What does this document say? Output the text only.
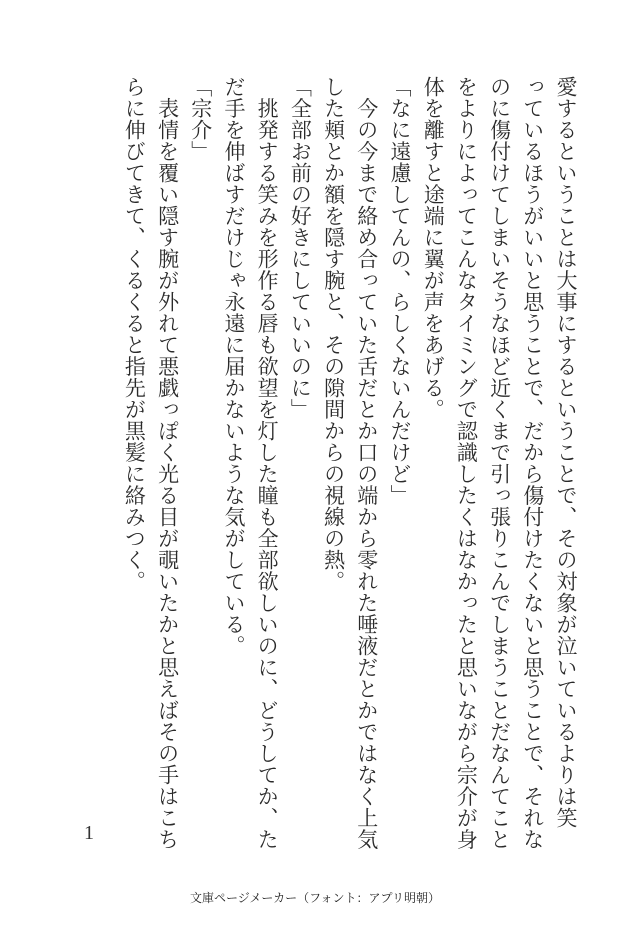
愛するということは大事にするということで、その対象が泣いているよりは笑
っているほうがいいと思うことで、だから傷付けたくないと思うことで、それな
のに傷付けてしまいそうなほど近くまで引っ張りこんでしまうことだなんてこと
をよりによってこんなタイミングで認識したくはなかったと思いながら宗介が身
体を離すと途端に翼が声をあげる。
「なに遠慮してんの、らしくないんだけど」
　今の今まで絡め合っていた舌だとか口の端から零れた唾液だとかではなく上気
した頬とか額を隠す腕と、その隙間からの視線の熱。
「全部お前の好きにしていいのに」
　挑発する笑みを形作る唇も欲望を灯した瞳も全部欲しいのに、どうしてか、た
だ手を伸ばすだけじゃ永遠に届かないような気がしている。
「宗介」
　表情を覆い隠す腕が外れて悪戯っぽく光る目が覗いたかと思えばその手はこち
らに伸びてきて、くるくると指先が黒髪に絡みつく。
1
文庫ページメーカー（フォント：アプリ明朝）
